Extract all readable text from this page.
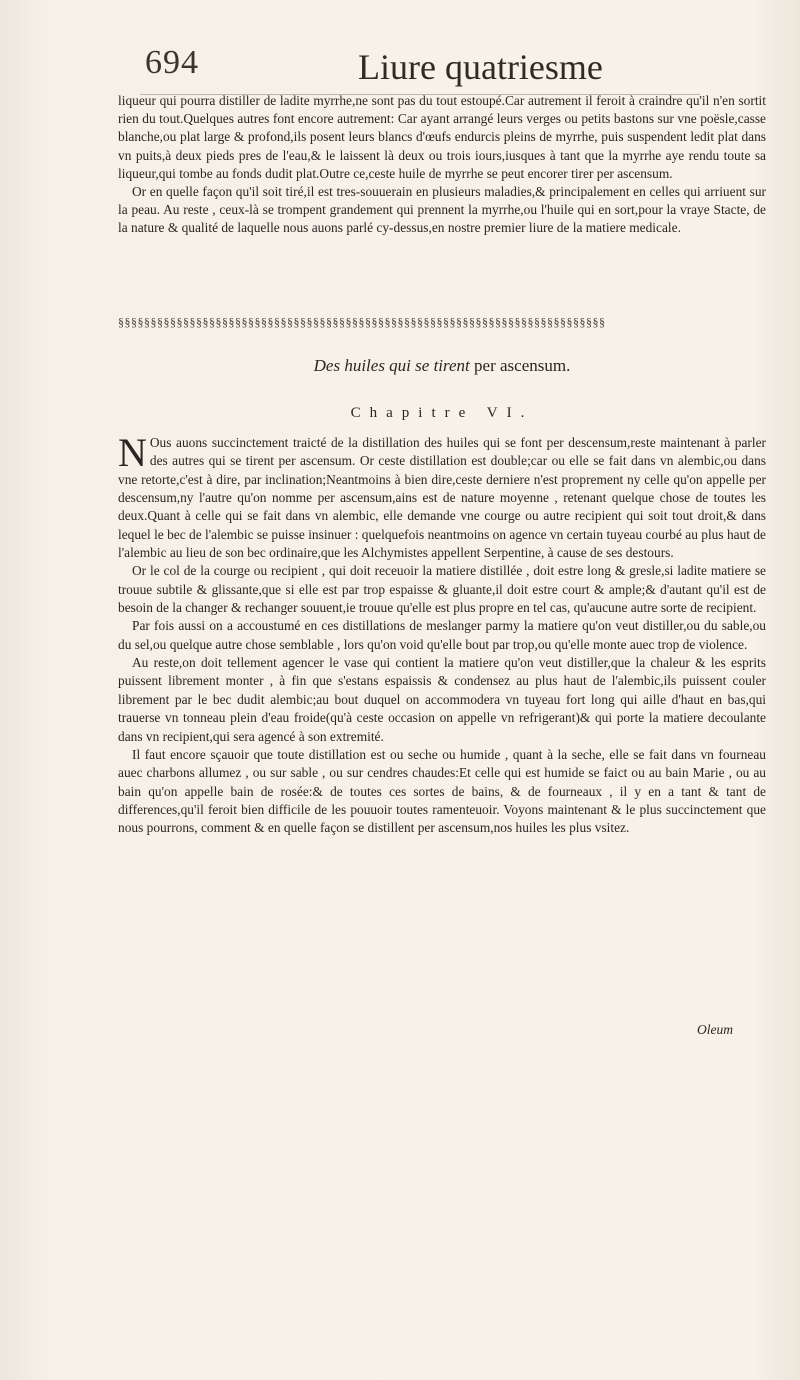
694	Liure quatriesme

liqueur qui pourra distiller de ladite myrrhe,ne sont pas du tout estoupé.Car autrement il feroit à craindre qu'il n'en sortit rien du tout.Quelques autres font encore autrement: Car ayant arrangé leurs verges ou petits bastons sur vne poësle,casse blanche,ou plat large & profond,ils posent leurs blancs d'œufs endurcis pleins de myrrhe, puis suspendent ledit plat dans vn puits,à deux pieds pres de l'eau,& le laissent là deux ou trois iours,iusques à tant que la myrrhe aye rendu toute sa liqueur,qui tombe au fonds dudit plat.Outre ce,ceste huile de myrrhe se peut encorer tirer per ascensum.

Or en quelle façon qu'il soit tiré,il est tres-souuerain en plusieurs maladies,& principalement en celles qui arriuent sur la peau. Au reste , ceux-là se trompent grandement qui prennent la myrrhe,ou l'huile qui en sort,pour la vraye Stacte, de la nature & qualité de laquelle nous auons parlé cy-dessus,en nostre premier liure de la matiere medicale.

§§§§§§§§§§§§§§§§§§§§§§§§§§§§§§§§§§§§§§§§§§§§§§§§§§§§§§§§§§§§§§§§§§§§§§§§§§§
Des huiles qui se tirent per ascensum.
Chapitre VI.

NOus auons succinctement traicté de la distillation des huiles qui se font per descensum,reste maintenant à parler des autres qui se tirent per ascensum. Or ceste distillation est double;car ou elle se fait dans vn alembic,ou dans vne retorte,c'est à dire, par inclination;Neantmoins à bien dire,ceste derniere n'est proprement ny celle qu'on appelle per descensum,ny l'autre qu'on nomme per ascensum,ains est de nature moyenne , retenant quelque chose de toutes les deux.Quant à celle qui se fait dans vn alembic, elle demande vne courge ou autre recipient qui soit tout droit,& dans lequel le bec de l'alembic se puisse insinuer : quelquefois neantmoins on agence vn certain tuyeau courbé au plus haut de l'alembic au lieu de son bec ordinaire,que les Alchymistes appellent Serpentine, à cause de ses destours.

Or le col de la courge ou recipient , qui doit receuoir la matiere distillée , doit estre long & gresle,si ladite matiere se trouue subtile & glissante,que si elle est par trop espaisse & gluante,il doit estre court & ample;& d'autant qu'il est de besoin de la changer & rechanger souuent,ie trouue qu'elle est plus propre en tel cas, qu'aucune autre sorte de recipient.

Par fois aussi on a accoustumé en ces distillations de meslanger parmy la matiere qu'on veut distiller,ou du sable,ou du sel,ou quelque autre chose semblable , lors qu'on void qu'elle bout par trop,ou qu'elle monte auec trop de violence.

Au reste,on doit tellement agencer le vase qui contient la matiere qu'on veut distiller,que la chaleur & les esprits puissent librement monter , à fin que s'estans espaissis & condensez au plus haut de l'alembic,ils puissent couler librement par le bec dudit alembic;au bout duquel on accommodera vn tuyeau fort long qui aille d'haut en bas,qui trauerse vn tonneau plein d'eau froide(qu'à ceste occasion on appelle vn refrigerant)& qui porte la matiere decoulante dans vn recipient,qui sera agencé à son extremité.

Il faut encore sçauoir que toute distillation est ou seche ou humide , quant à la seche, elle se fait dans vn fourneau auec charbons allumez , ou sur sable , ou sur cendres chaudes:Et celle qui est humide se faict ou au bain Marie , ou au bain qu'on appelle bain de rosée:& de toutes ces sortes de bains, & de fourneaux , il y en a tant & tant de differences,qu'il feroit bien difficile de les pouuoir toutes ramenteuoir. Voyons maintenant & le plus succinctement que nous pourrons, comment & en quelle façon se distillent per ascensum,nos huiles les plus vsitez.

Oleum
